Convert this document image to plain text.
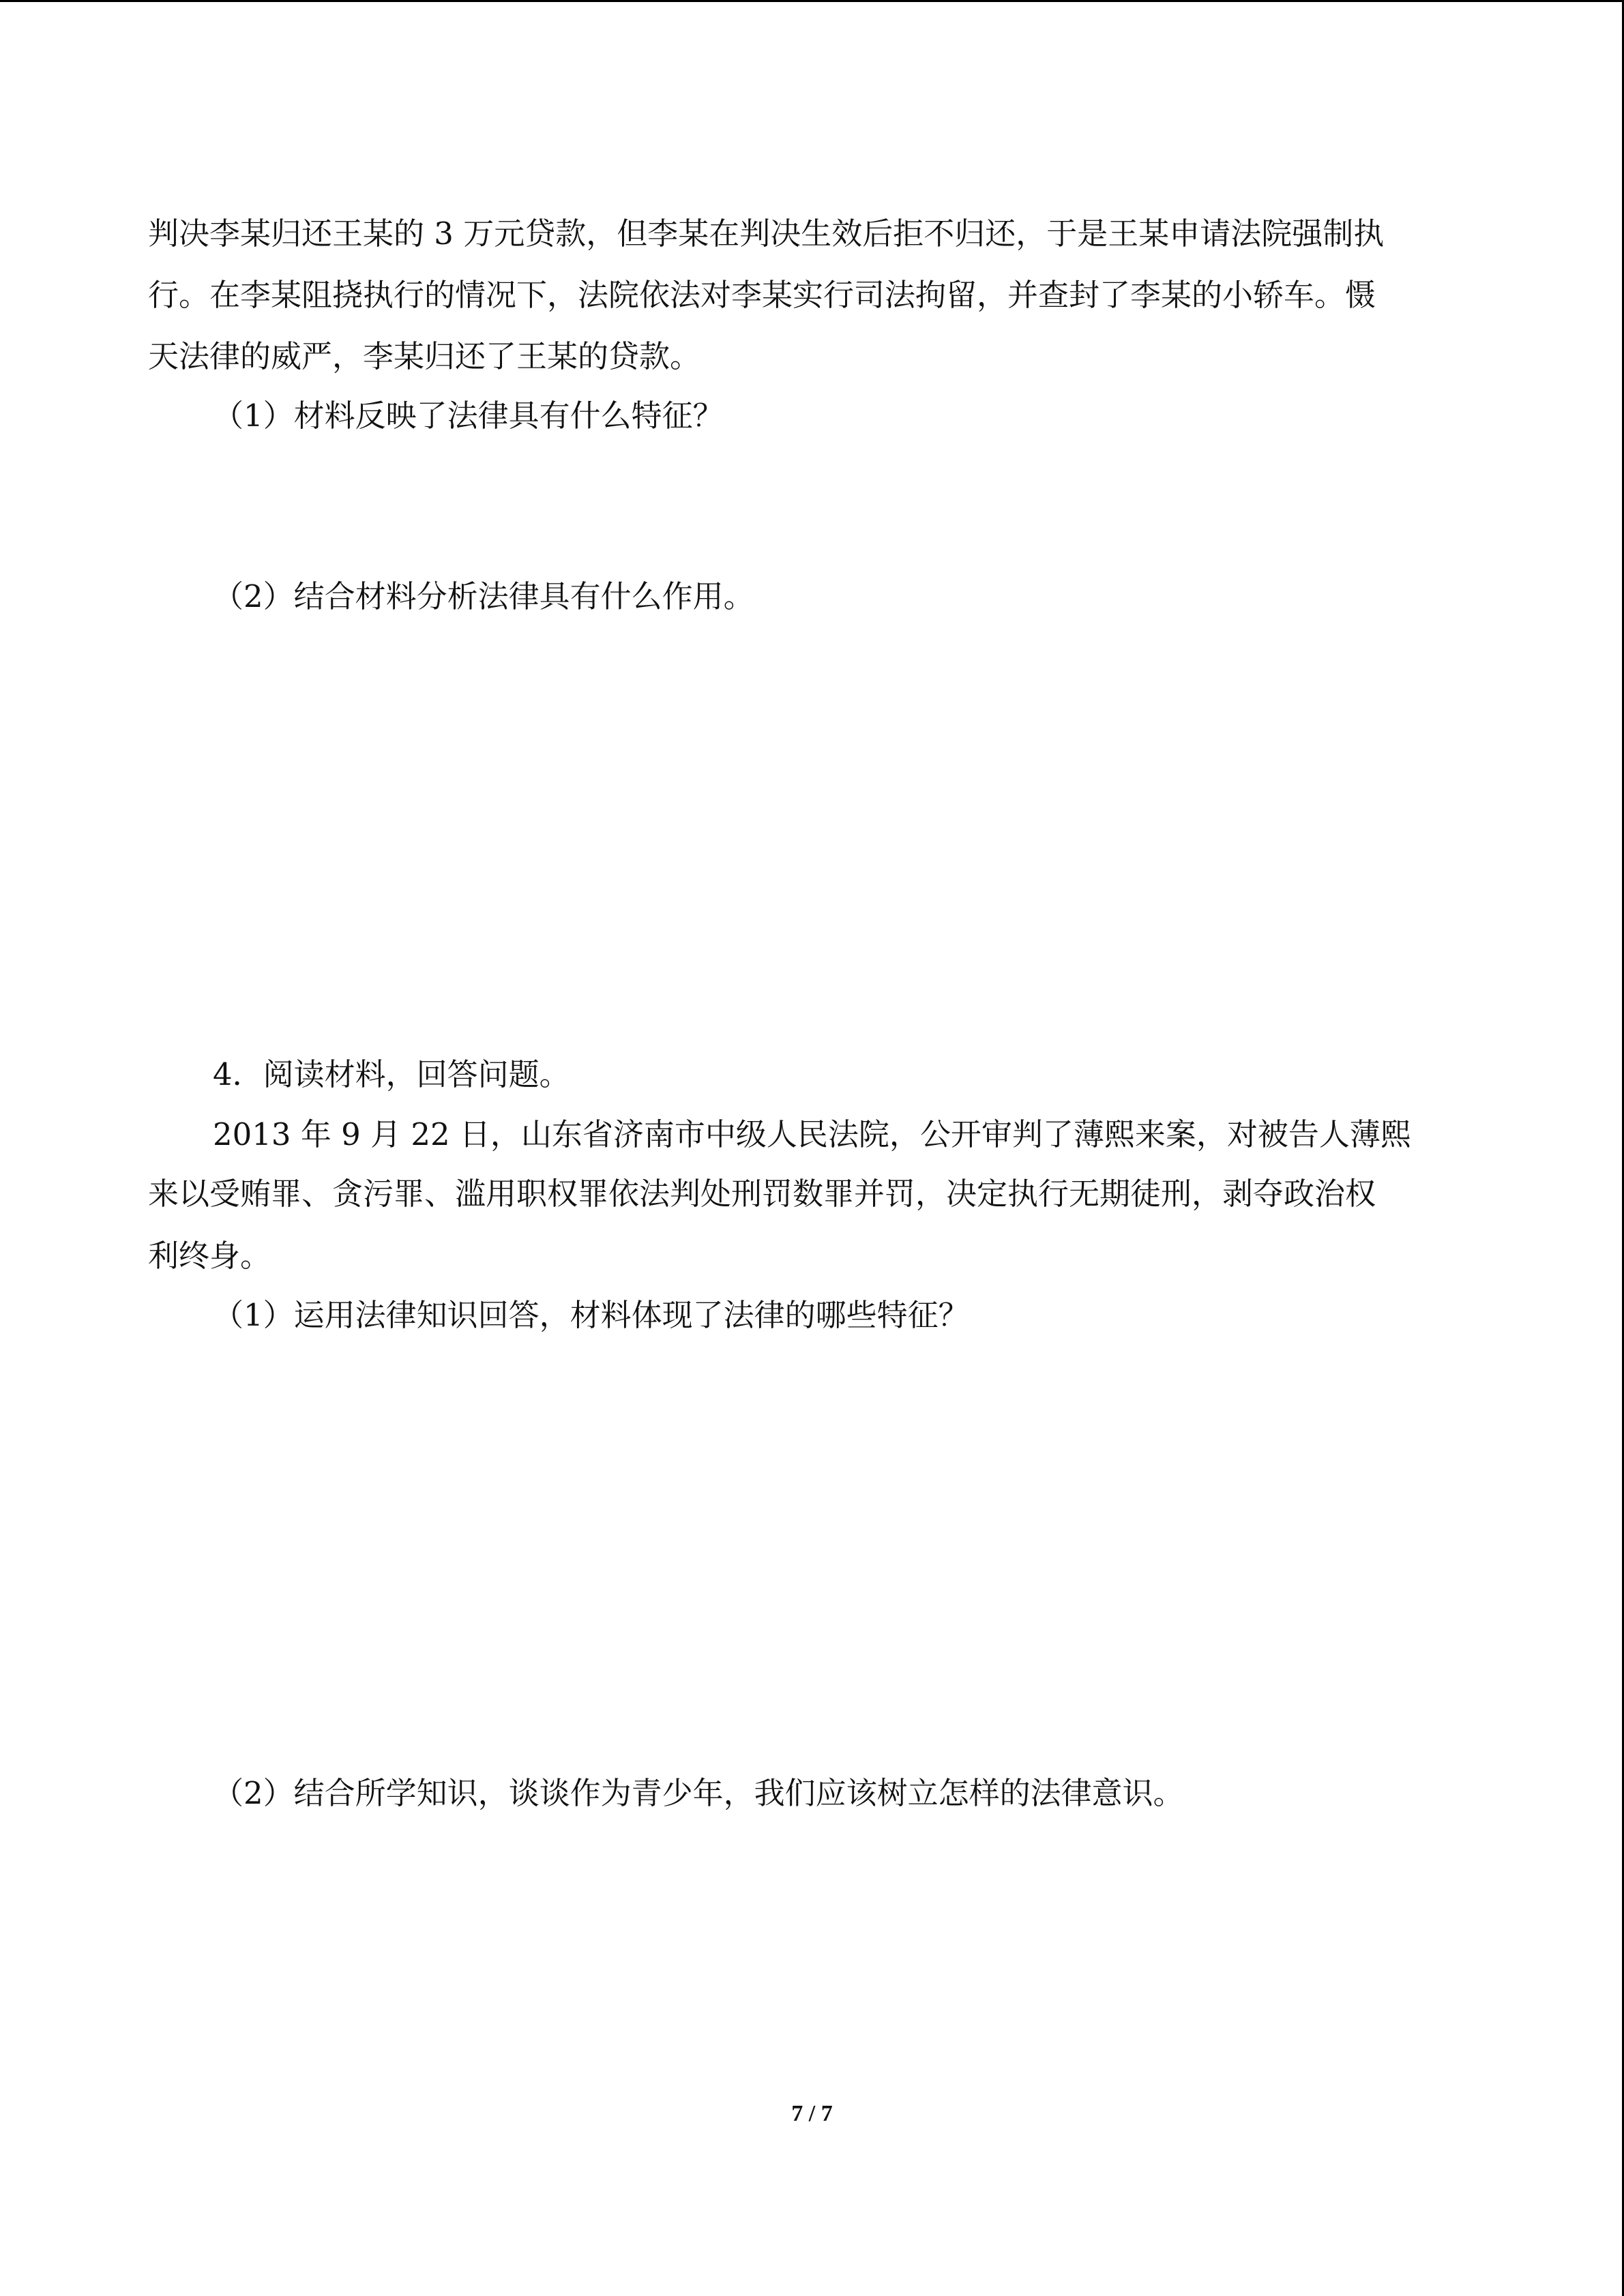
判决李某归还王某的 3 万元贷款，但李某在判决生效后拒不归还，于是王某申请法院强制执
行。在李某阻挠执行的情况下，法院依法对李某实行司法拘留，并查封了李某的小轿车。慑
天法律的威严，李某归还了王某的贷款。
（1）材料反映了法律具有什么特征？
（2）结合材料分析法律具有什么作用。
4．阅读材料，回答问题。
2013 年 9 月 22 日，山东省济南市中级人民法院，公开审判了薄熙来案，对被告人薄熙
来以受贿罪、贪污罪、滥用职权罪依法判处刑罚数罪并罚，决定执行无期徒刑，剥夺政治权
利终身。
（1）运用法律知识回答，材料体现了法律的哪些特征？
（2）结合所学知识，谈谈作为青少年，我们应该树立怎样的法律意识。
7 / 7
